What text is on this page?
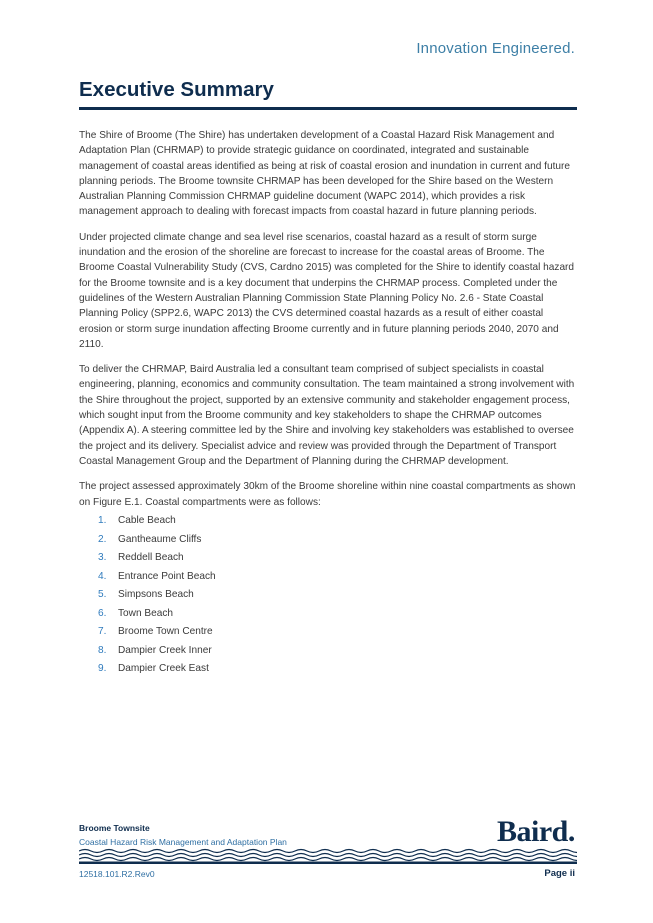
Innovation Engineered.
Executive Summary

The Shire of Broome (The Shire) has undertaken development of a Coastal Hazard Risk Management and Adaptation Plan (CHRMAP) to provide strategic guidance on coordinated, integrated and sustainable management of coastal areas identified as being at risk of coastal erosion and inundation in current and future planning periods. The Broome townsite CHRMAP has been developed for the Shire based on the Western Australian Planning Commission CHRMAP guideline document (WAPC 2014), which provides a risk management approach to dealing with forecast impacts from coastal hazard in future planning periods.

Under projected climate change and sea level rise scenarios, coastal hazard as a result of storm surge inundation and the erosion of the shoreline are forecast to increase for the coastal areas of Broome. The Broome Coastal Vulnerability Study (CVS, Cardno 2015) was completed for the Shire to identify coastal hazard for the Broome townsite and is a key document that underpins the CHRMAP process. Completed under the guidelines of the Western Australian Planning Commission State Planning Policy No. 2.6 - State Coastal Planning Policy (SPP2.6, WAPC 2013) the CVS determined coastal hazards as a result of either coastal erosion or storm surge inundation affecting Broome currently and in future planning periods 2040, 2070 and 2110.

To deliver the CHRMAP, Baird Australia led a consultant team comprised of subject specialists in coastal engineering, planning, economics and community consultation. The team maintained a strong involvement with the Shire throughout the project, supported by an extensive community and stakeholder engagement process, which sought input from the Broome community and key stakeholders to shape the CHRMAP outcomes (Appendix A). A steering committee led by the Shire and involving key stakeholders was established to oversee the project and its delivery. Specialist advice and review was provided through the Department of Transport Coastal Management Group and the Department of Planning during the CHRMAP development.

The project assessed approximately 30km of the Broome shoreline within nine coastal compartments as shown on Figure E.1. Coastal compartments were as follows:

1.	Cable Beach
2.	Gantheaume Cliffs
3.	Reddell Beach
4.	Entrance Point Beach
5.	Simpsons Beach
6.	Town Beach
7.	Broome Town Centre
8.	Dampier Creek Inner
9.	Dampier Creek East
Broome Townsite
Coastal Hazard Risk Management and Adaptation Plan	Baird.
12518.101.R2.Rev0	Page ii
